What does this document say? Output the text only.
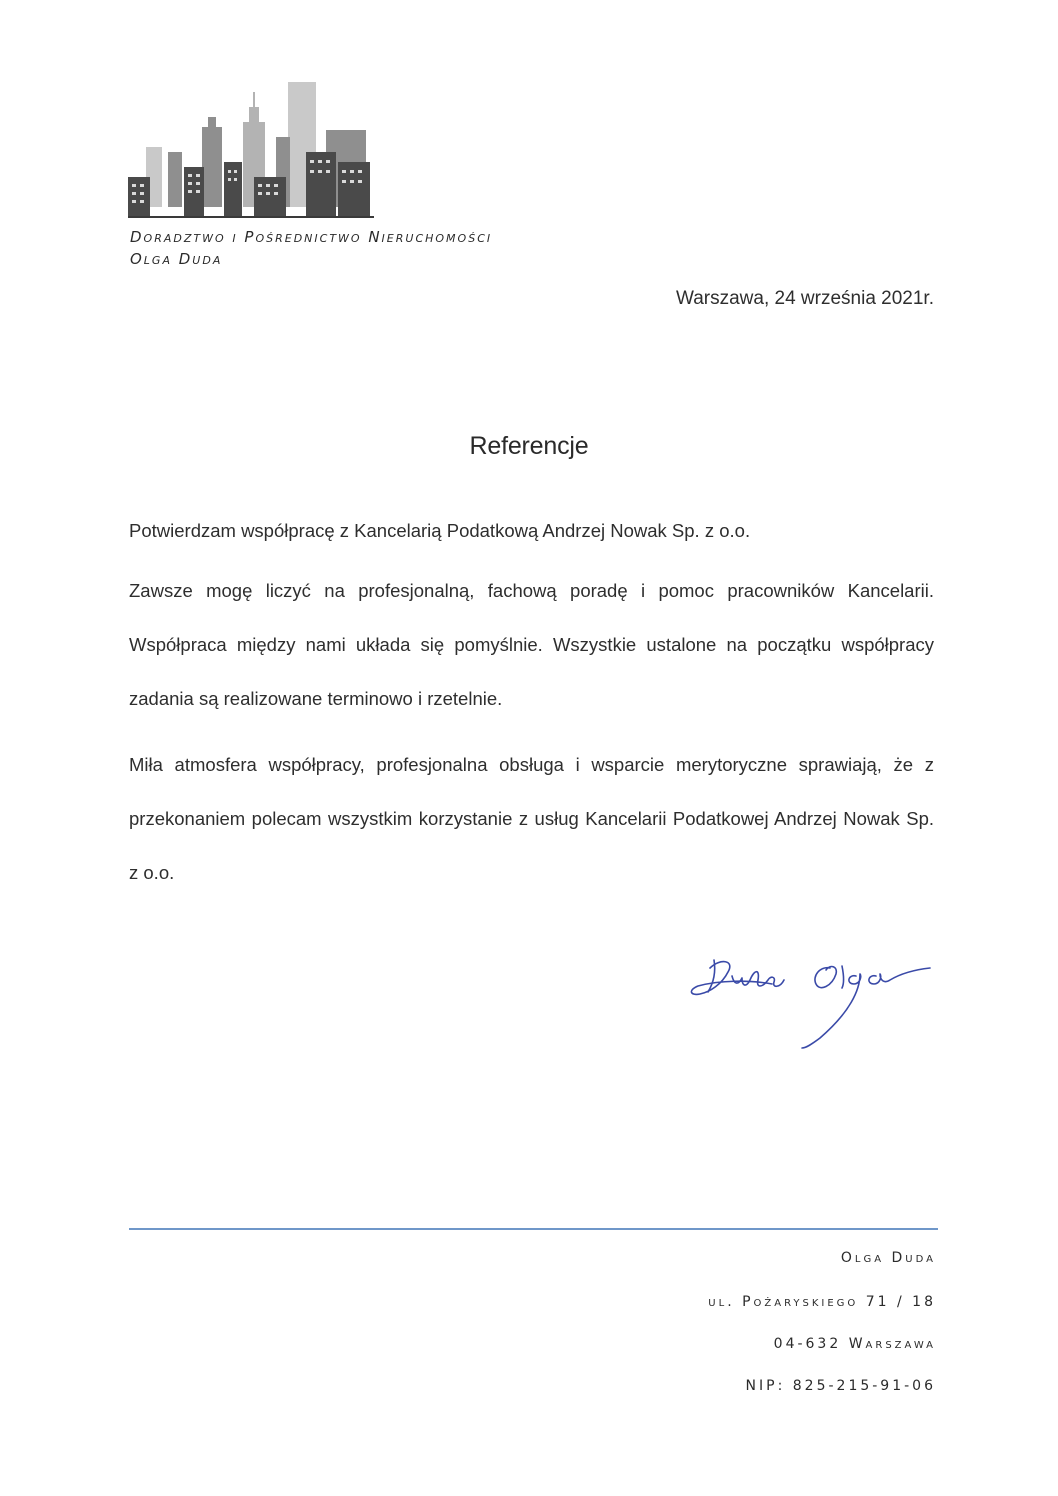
Doradztwo i Pośrednictwo Nieruchomości
Olga Duda
Warszawa, 24 września 2021r.
Referencje

Potwierdzam współpracę z Kancelarią Podatkową Andrzej Nowak Sp. z o.o.

Zawsze mogę liczyć na profesjonalną, fachową poradę i pomoc pracowników Kancelarii. Współpraca między nami układa się pomyślnie. Wszystkie ustalone na początku współpracy zadania są realizowane terminowo i rzetelnie.

Miła atmosfera współpracy, profesjonalna obsługa i wsparcie merytoryczne sprawiają, że z przekonaniem polecam wszystkim korzystanie z usług Kancelarii Podatkowej Andrzej Nowak Sp. z o.o.

Olga Duda
ul. Pożaryskiego 71 / 18
04-632 Warszawa
NIP: 825-215-91-06
